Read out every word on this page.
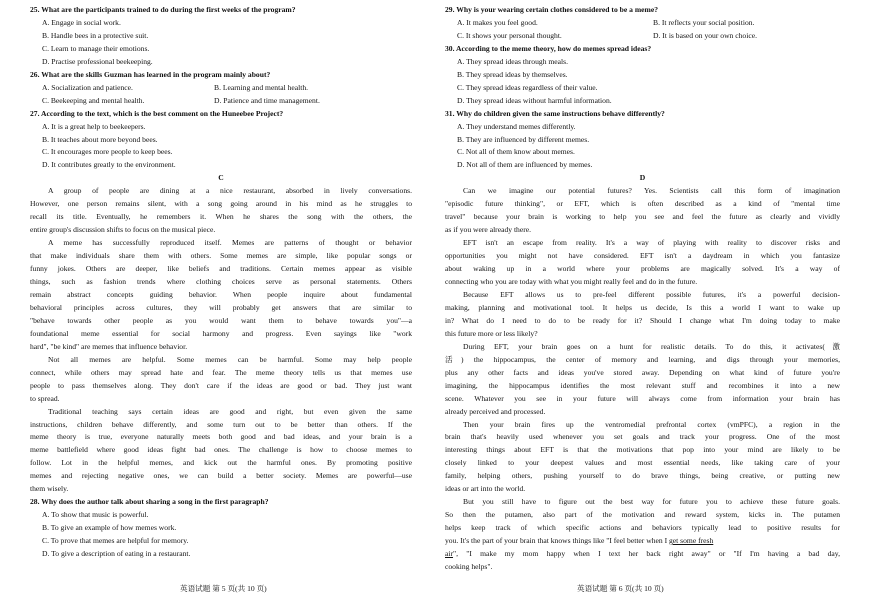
25. What are the participants trained to do during the first weeks of the program?

A. Engage in social work.

B. Handle bees in a protective suit.

C. Learn to manage their emotions.

D. Practise professional beekeeping.

26. What are the skills Guzman has learned in the program mainly about?

A. Socialization and patience.	B. Learning and mental health.
C. Beekeeping and mental health.	D. Patience and time management.

27. According to the text, which is the best comment on the Huneebee Project?

A. It is a great help to beekeepers.

B. It teaches about more beyond bees.

C. It encourages more people to keep bees.

D. It contributes greatly to the environment.

C

A group of people are dining at a nice restaurant, absorbed in lively conversations.

However, one person remains silent, with a song going around in his mind as he struggles to

recall its title. Eventually, he remembers it. When he shares the song with the others, the

entire group's discussion shifts to focus on the musical piece.

A meme has successfully reproduced itself. Memes are patterns of thought or behavior

that make individuals share them with others. Some memes are simple, like popular songs or

funny jokes. Others are deeper, like beliefs and traditions. Certain memes appear as visible

things, such as fashion trends where clothing choices serve as personal statements. Others

remain abstract concepts guiding behavior. When people inquire about fundamental

behavioral principles across cultures, they will probably get answers that are similar to

"behave towards other people as you would want them to behave towards you"—a

foundational meme essential for social harmony and progress. Even sayings like "work

hard", "be kind" are memes that influence behavior.

Not all memes are helpful. Some memes can be harmful. Some may help people

connect, while others may spread hate and fear. The meme theory tells us that memes use

people to pass themselves along. They don't care if the ideas are good or bad. They just want

to spread.

Traditional teaching says certain ideas are good and right, but even given the same

instructions, children behave differently, and some turn out to be better than others. If the

meme theory is true, everyone naturally meets both good and bad ideas, and your brain is a

meme battlefield where good ideas fight bad ones. The challenge is how to choose memes to

follow. Lot in the helpful memes, and kick out the harmful ones. By promoting positive

memes and rejecting negative ones, we can build a better society. Memes are powerful—use

them wisely.

28. Why does the author talk about sharing a song in the first paragraph?

A. To show that music is powerful.

B. To give an example of how memes work.

C. To prove that memes are helpful for memory.

D. To give a description of eating in a restaurant.

29. Why is your wearing certain clothes considered to be a meme?

A. It makes you feel good.	B. It reflects your social position.
C. It shows your personal thought.	D. It is based on your own choice.

30. According to the meme theory, how do memes spread ideas?

A. They spread ideas through meals.

B. They spread ideas by themselves.

C. They spread ideas regardless of their value.

D. They spread ideas without harmful information.

31. Why do children given the same instructions behave differently?

A. They understand memes differently.

B. They are influenced by different memes.

C. Not all of them know about memes.

D. Not all of them are influenced by memes.

D

Can we imagine our potential futures? Yes. Scientists call this form of imagination

"episodic future thinking", or EFT, which is often described as a kind of "mental time

travel" because your brain is working to help you see and feel the future as clearly and vividly

as if you were already there.

EFT isn't an escape from reality. It's a way of playing with reality to discover risks and

opportunities you might not have considered. EFT isn't a daydream in which you fantasize

about waking up in a world where your problems are magically solved. It's a way of

connecting who you are today with what you might really feel and do in the future.

Because EFT allows us to pre-feel different possible futures, it's a powerful decision-

making, planning and motivational tool. It helps us decide, Is this a world I want to wake up

in? What do I need to do to be ready for it? Should I change what I'm doing today to make

this future more or less likely?

During EFT, your brain goes on a hunt for realistic details. To do this, it activates(激

活) the hippocampus, the center of memory and learning, and digs through your memories,

plus any other facts and ideas you've stored away. Depending on what kind of future you're

imagining, the hippocampus identifies the most relevant stuff and recombines it into a new

scene. Whatever you see in your future will always come from information your brain has

already perceived and processed.

Then your brain fires up the ventromedial prefrontal cortex (vmPFC), a region in the

brain that's heavily used whenever you set goals and track your progress. One of the most

interesting things about EFT is that the motivations that pop into your mind are likely to be

closely linked to your deepest values and most essential needs, like taking care of your

family, helping others, pushing yourself to do brave things, being creative, or putting new

ideas or art into the world.

But you still have to figure out the best way for future you to achieve these future goals.

So then the putamen, also part of the motivation and reward system, kicks in. The putamen

helps keep track of which specific actions and behaviors typically lead to positive results for

you. It's the part of your brain that knows things like "I feel better when I get some fresh

air", "I make my mom happy when I text her back right away" or "If I'm having a bad day,

cooking helps".

英语试题 第 5 页(共 10 页)	英语试题 第 6 页(共 10 页)
